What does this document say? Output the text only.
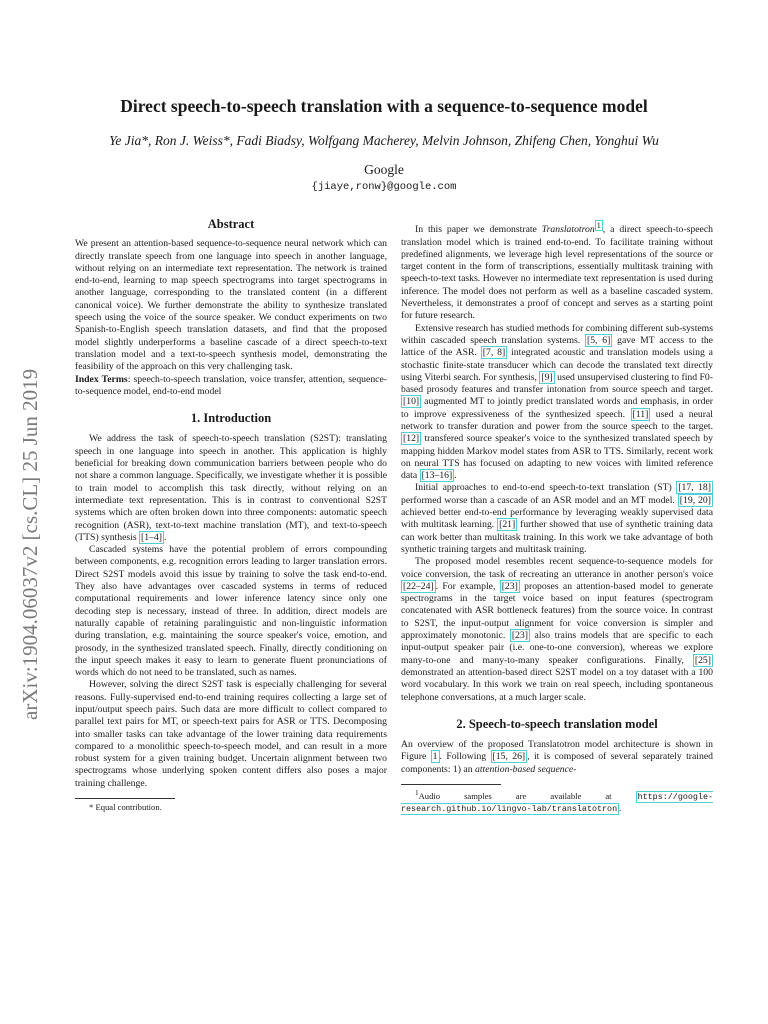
Direct speech-to-speech translation with a sequence-to-sequence model
Ye Jia*, Ron J. Weiss*, Fadi Biadsy, Wolfgang Macherey, Melvin Johnson, Zhifeng Chen, Yonghui Wu
Google
{jiaye,ronw}@google.com
arXiv:1904.06037v2 [cs.CL] 25 Jun 2019
Abstract

We present an attention-based sequence-to-sequence neural network which can directly translate speech from one language into speech in another language, without relying on an intermediate text representation. The network is trained end-to-end, learning to map speech spectrograms into target spectrograms in another language, corresponding to the translated content (in a different canonical voice). We further demonstrate the ability to synthesize translated speech using the voice of the source speaker. We conduct experiments on two Spanish-to-English speech translation datasets, and find that the proposed model slightly underperforms a baseline cascade of a direct speech-to-text translation model and a text-to-speech synthesis model, demonstrating the feasibility of the approach on this very challenging task.

Index Terms: speech-to-speech translation, voice transfer, attention, sequence-to-sequence model, end-to-end model

1. Introduction

We address the task of speech-to-speech translation (S2ST): translating speech in one language into speech in another. This application is highly beneficial for breaking down communication barriers between people who do not share a common language. Specifically, we investigate whether it is possible to train model to accomplish this task directly, without relying on an intermediate text representation. This is in contrast to conventional S2ST systems which are often broken down into three components: automatic speech recognition (ASR), text-to-text machine translation (MT), and text-to-speech (TTS) synthesis [1–4] .

Cascaded systems have the potential problem of errors compounding between components, e.g. recognition errors leading to larger translation errors. Direct S2ST models avoid this issue by training to solve the task end-to-end. They also have advantages over cascaded systems in terms of reduced computational requirements and lower inference latency since only one decoding step is necessary, instead of three. In addition, direct models are naturally capable of retaining paralinguistic and non-linguistic information during translation, e.g. maintaining the source speaker's voice, emotion, and prosody, in the synthesized translated speech. Finally, directly conditioning on the input speech makes it easy to learn to generate fluent pronunciations of words which do not need to be translated, such as names.

However, solving the direct S2ST task is especially challenging for several reasons. Fully-supervised end-to-end training requires collecting a large set of input/output speech pairs. Such data are more difficult to collect compared to parallel text pairs for MT, or speech-text pairs for ASR or TTS. Decomposing into smaller tasks can take advantage of the lower training data requirements compared to a monolithic speech-to-speech model, and can result in a more robust system for a given training budget. Uncertain alignment between two spectrograms whose underlying spoken content differs also poses a major training challenge.

* Equal contribution.

In this paper we demonstrate Translatotron $^1$ , a direct speech-to-speech translation model which is trained end-to-end. To facilitate training without predefined alignments, we leverage high level representations of the source or target content in the form of transcriptions, essentially multitask training with speech-to-text tasks. However no intermediate text representation is used during inference. The model does not perform as well as a baseline cascaded system. Nevertheless, it demonstrates a proof of concept and serves as a starting point for future research.

Extensive research has studied methods for combining different sub-systems within cascaded speech translation systems. [5, 6] gave MT access to the lattice of the ASR. [7, 8] integrated acoustic and translation models using a stochastic finite-state transducer which can decode the translated text directly using Viterbi search. For synthesis, [9] used unsupervised clustering to find F0-based prosody features and transfer intonation from source speech and target. [10] augmented MT to jointly predict translated words and emphasis, in order to improve expressiveness of the synthesized speech. [11] used a neural network to transfer duration and power from the source speech to the target. [12] transfered source speaker's voice to the synthesized translated speech by mapping hidden Markov model states from ASR to TTS. Similarly, recent work on neural TTS has focused on adapting to new voices with limited reference data [13–16] .

Initial approaches to end-to-end speech-to-text translation (ST) [17, 18] performed worse than a cascade of an ASR model and an MT model. [19, 20] achieved better end-to-end performance by leveraging weakly supervised data with multitask learning. [21] further showed that use of synthetic training data can work better than multitask training. In this work we take advantage of both synthetic training targets and multitask training.

The proposed model resembles recent sequence-to-sequence models for voice conversion, the task of recreating an utterance in another person's voice [22–24] . For example, [23] proposes an attention-based model to generate spectrograms in the target voice based on input features (spectrogram concatenated with ASR bottleneck features) from the source voice. In contrast to S2ST, the input-output alignment for voice conversion is simpler and approximately monotonic. [23] also trains models that are specific to each input-output speaker pair (i.e. one-to-one conversion), whereas we explore many-to-one and many-to-many speaker configurations. Finally, [25] demonstrated an attention-based direct S2ST model on a toy dataset with a 100 word vocabulary. In this work we train on real speech, including spontaneous telephone conversations, at a much larger scale.

2. Speech-to-speech translation model

An overview of the proposed Translatotron model architecture is shown in Figure 1 . Following [15, 26] , it is composed of several separately trained components: 1) an attention-based sequence-

$^1$Audio samples are available at https://google-research.github.io/lingvo-lab/translatotron .
